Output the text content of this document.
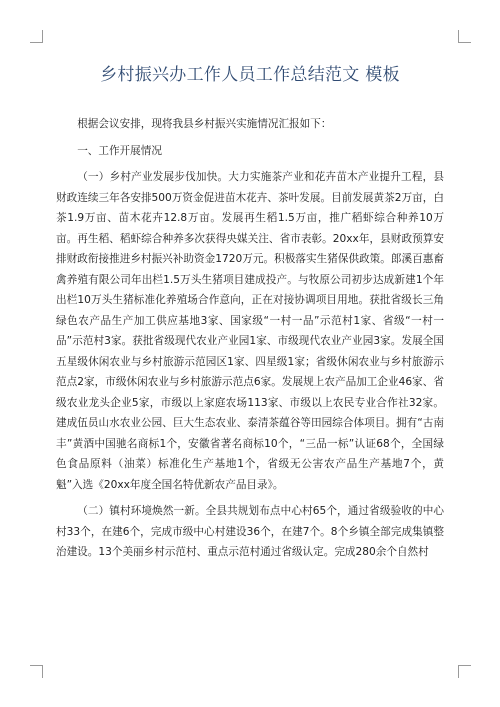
乡村振兴办工作人员工作总结范文 模板

根据会议安排，现将我县乡村振兴实施情况汇报如下：

一、工作开展情况

（一）乡村产业发展步伐加快。大力实施茶产业和花卉苗木产业提升工程，县财政连续三年各安排500万资金促进苗木花卉、茶叶发展。目前发展黄茶2万亩，白茶1.9万亩、苗木花卉12.8万亩。发展再生稻1.5万亩，推广稻虾综合种养10万亩。再生稻、稻虾综合种养多次获得央媒关注、省市表彰。20xx年，县财政预算安排财政衔接推进乡村振兴补助资金1720万元。积极落实生猪保供政策。郎溪百惠畜禽养殖有限公司年出栏1.5万头生猪项目建成投产。与牧原公司初步达成新建1个年出栏10万头生猪标准化养殖场合作意向，正在对接协调项目用地。获批省级长三角绿色农产品生产加工供应基地3家、国家级“一村一品”示范村1家、省级“一村一品”示范村3家。获批省级现代农业产业园1家、市级现代农业产业园3家。发展全国五星级休闲农业与乡村旅游示范园区1家、四星级1家；省级休闲农业与乡村旅游示范点2家，市级休闲农业与乡村旅游示范点6家。发展规上农产品加工企业46家、省级农业龙头企业5家，市级以上家庭农场113家、市级以上农民专业合作社32家。建成伍员山水农业公园、巨大生态农业、泰清茶蕴谷等田园综合体项目。拥有“古南丰”黄酒中国驰名商标1个，安徽省著名商标10个，“三品一标”认证68个，全国绿色食品原料（油菜）标准化生产基地1个，省级无公害农产品生产基地7个，黄魁”入选《20xx年度全国名特优新农产品目录》。

（二）镇村环境焕然一新。全县共规划布点中心村65个，通过省级验收的中心村33个，在建6个，完成市级中心村建设36个，在建7个。8个乡镇全部完成集镇整治建设。13个美丽乡村示范村、重点示范村通过省级认定。完成280余个自然村
